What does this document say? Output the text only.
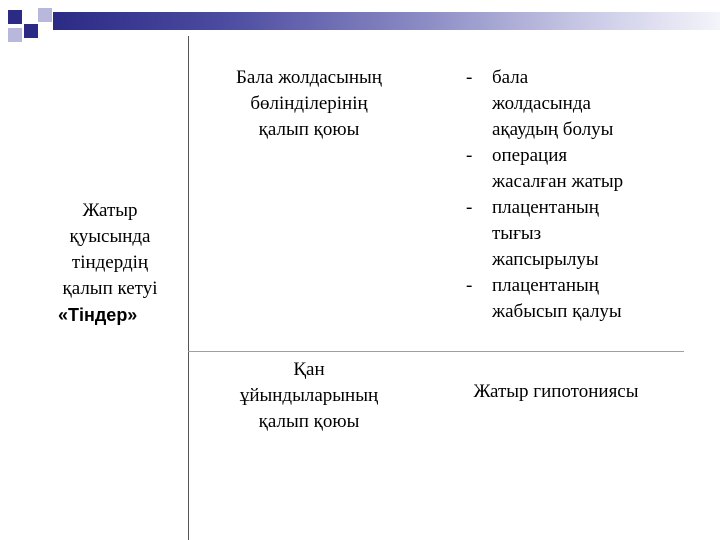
Жатыр
қуысында
тіндердің
қалып кетуі
«Тіндер»
Бала жолдасының
бөлінділерінің
қалып қоюы
- бала
жолдасында
ақаудың болуы
- операция
жасалған жатыр
- плацентаның
тығыз
жапсырылуы
- плацентаның
жабысып қалуы
Қан
ұйындыларының
қалып қоюы
Жатыр гипотониясы
